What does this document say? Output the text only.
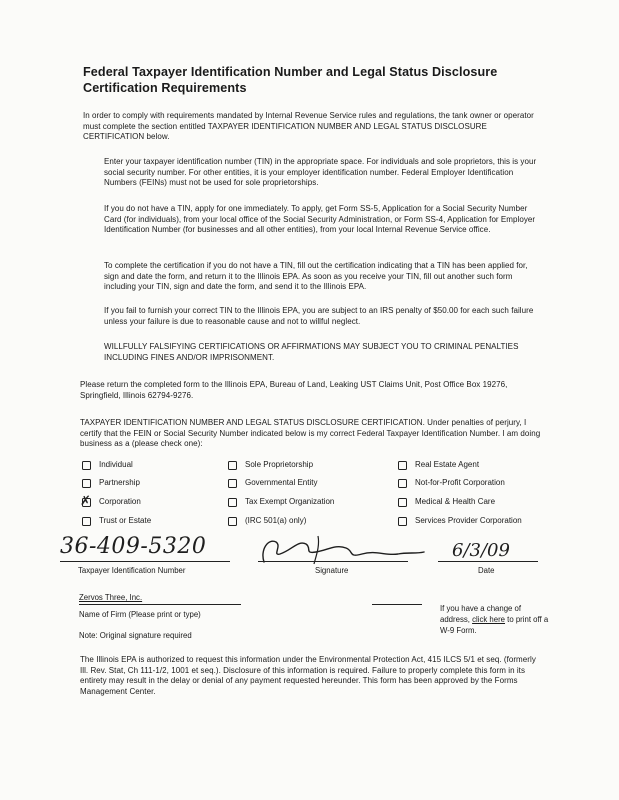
Federal Taxpayer Identification Number and Legal Status Disclosure Certification Requirements
In order to comply with requirements mandated by Internal Revenue Service rules and regulations, the tank owner or operator must complete the section entitled TAXPAYER IDENTIFICATION NUMBER AND LEGAL STATUS DISCLOSURE CERTIFICATION below.
Enter your taxpayer identification number (TIN) in the appropriate space. For individuals and sole proprietors, this is your social security number. For other entities, it is your employer identification number. Federal Employer Identification Numbers (FEINs) must not be used for sole proprietorships.
If you do not have a TIN, apply for one immediately. To apply, get Form SS-5, Application for a Social Security Number Card (for individuals), from your local office of the Social Security Administration, or Form SS-4, Application for Employer Identification Number (for businesses and all other entities), from your local Internal Revenue Service office.
To complete the certification if you do not have a TIN, fill out the certification indicating that a TIN has been applied for, sign and date the form, and return it to the Illinois EPA. As soon as you receive your TIN, fill out another such form including your TIN, sign and date the form, and send it to the Illinois EPA.
If you fail to furnish your correct TIN to the Illinois EPA, you are subject to an IRS penalty of $50.00 for each such failure unless your failure is due to reasonable cause and not to willful neglect.
WILLFULLY FALSIFYING CERTIFICATIONS OR AFFIRMATIONS MAY SUBJECT YOU TO CRIMINAL PENALTIES INCLUDING FINES AND/OR IMPRISONMENT.
Please return the completed form to the Illinois EPA, Bureau of Land, Leaking UST Claims Unit, Post Office Box 19276, Springfield, Illinois 62794-9276.
TAXPAYER IDENTIFICATION NUMBER AND LEGAL STATUS DISCLOSURE CERTIFICATION. Under penalties of perjury, I certify that the FEIN or Social Security Number indicated below is my correct Federal Taxpayer Identification Number. I am doing business as a (please check one):
Individual
Partnership
✗ Corporation
Trust or Estate
Sole Proprietorship
Governmental Entity
Tax Exempt Organization
(IRC 501(a) only)
Real Estate Agent
Not-for-Profit Corporation
Medical & Health Care
Services Provider Corporation
36-409-5320
Taxpayer Identification Number	Signature
6/3/09
Date
Zervos Three, Inc.
Name of Firm (Please print or type)
Note: Original signature required
If you have a change of address, click here to print off a W-9 Form.
The Illinois EPA is authorized to request this information under the Environmental Protection Act, 415 ILCS 5/1 et seq. (formerly Ill. Rev. Stat, Ch 111-1/2, 1001 et seq.). Disclosure of this information is required. Failure to properly complete this form in its entirety may result in the delay or denial of any payment requested hereunder. This form has been approved by the Forms Management Center.
